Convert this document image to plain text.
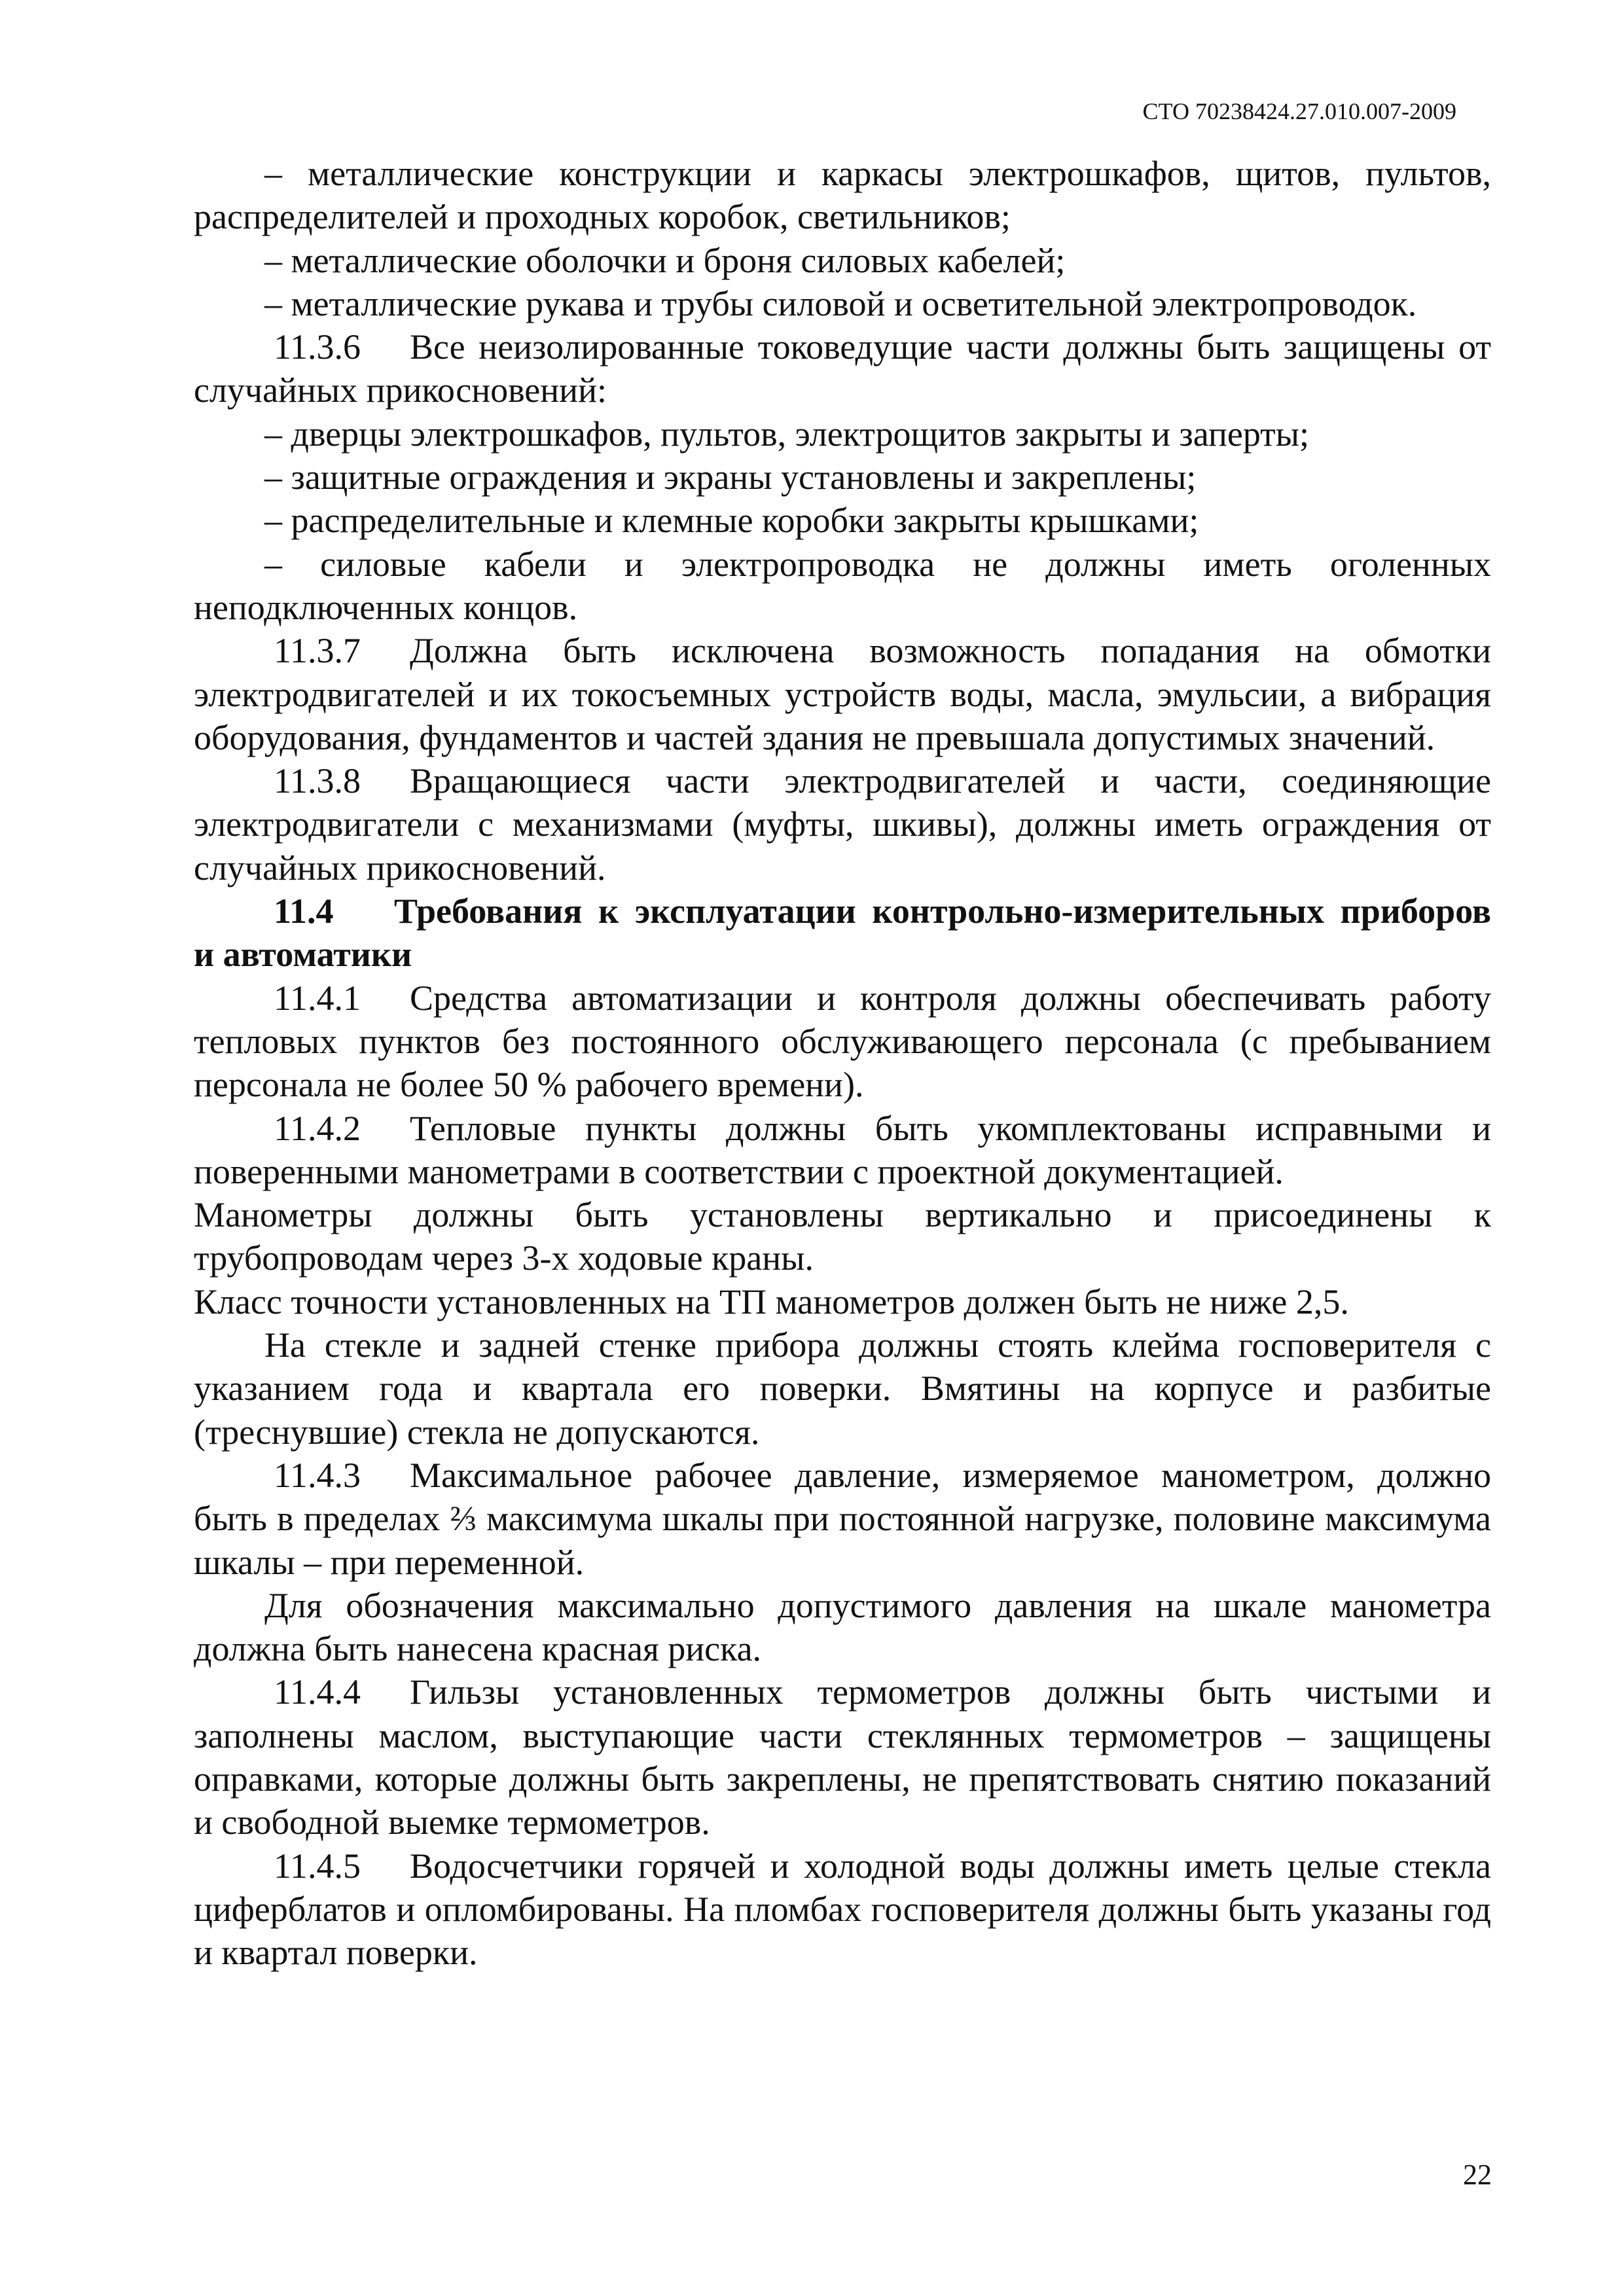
СТО 70238424.27.010.007-2009

– металлические конструкции и каркасы электрошкафов, щитов, пультов, распределителей и проходных коробок, светильников;

– металлические оболочки и броня силовых кабелей;

– металлические рукава и трубы силовой и осветительной электропроводок.

11.3.6 Все неизолированные токоведущие части должны быть защищены от случайных прикосновений:

– дверцы электрошкафов, пультов, электрощитов закрыты и заперты;

– защитные ограждения и экраны установлены и закреплены;

– распределительные и клемные коробки закрыты крышками;

– силовые кабели и электропроводка не должны иметь оголенных неподключенных концов.

11.3.7 Должна быть исключена возможность попадания на обмотки электродвигателей и их токосъемных устройств воды, масла, эмульсии, а вибрация оборудования, фундаментов и частей здания не превышала допустимых значений.

11.3.8 Вращающиеся части электродвигателей и части, соединяющие электродвигатели с механизмами (муфты, шкивы), должны иметь ограждения от случайных прикосновений.

11.4 Требования к эксплуатации контрольно-измерительных приборов и автоматики

11.4.1 Средства автоматизации и контроля должны обеспечивать работу тепловых пунктов без постоянного обслуживающего персонала (с пребыванием персонала не более 50 % рабочего времени).

11.4.2 Тепловые пункты должны быть укомплектованы исправными и поверенными манометрами в соответствии с проектной документацией.

Манометры должны быть установлены вертикально и присоединены к трубопроводам через 3-х ходовые краны.

Класс точности установленных на ТП манометров должен быть не ниже 2,5.

На стекле и задней стенке прибора должны стоять клейма госповерителя с указанием года и квартала его поверки. Вмятины на корпусе и разбитые (треснувшие) стекла не допускаются.

11.4.3 Максимальное рабочее давление, измеряемое манометром, должно быть в пределах ⅔ максимума шкалы при постоянной нагрузке, половине максимума шкалы – при переменной.

Для обозначения максимально допустимого давления на шкале манометра должна быть нанесена красная риска.

11.4.4 Гильзы установленных термометров должны быть чистыми и заполнены маслом, выступающие части стеклянных термометров – защищены оправками, которые должны быть закреплены, не препятствовать снятию показаний и свободной выемке термометров.

11.4.5 Водосчетчики горячей и холодной воды должны иметь целые стекла циферблатов и опломбированы. На пломбах госповерителя должны быть указаны год и квартал поверки.

22
